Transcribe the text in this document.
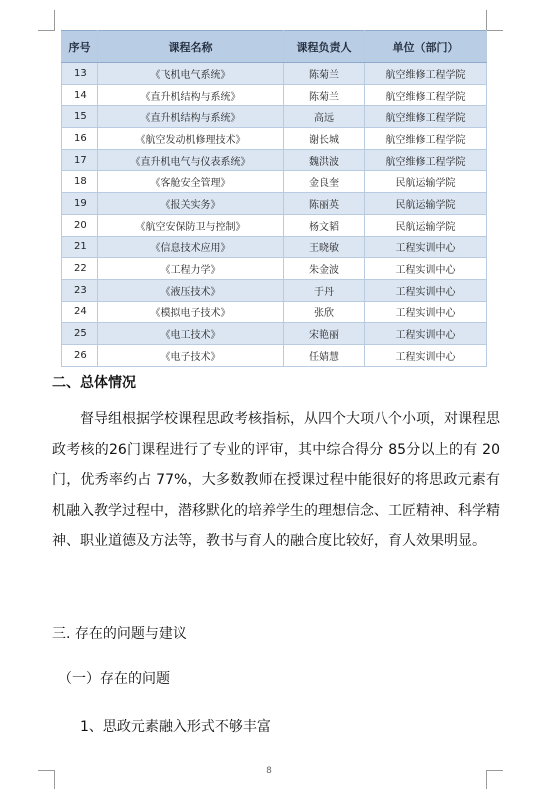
序号	课程名称	课程负责人	单位（部门）
13	《飞机电气系统》	陈菊兰	航空维修工程学院
14	《直升机结构与系统》	陈菊兰	航空维修工程学院
15	《直升机结构与系统》	高远	航空维修工程学院
16	《航空发动机修理技术》	谢长城	航空维修工程学院
17	《直升机电气与仪表系统》	魏洪波	航空维修工程学院
18	《客舱安全管理》	金良奎	民航运输学院
19	《报关实务》	陈丽英	民航运输学院
20	《航空安保防卫与控制》	杨文韬	民航运输学院
21	《信息技术应用》	王晓敏	工程实训中心
22	《工程力学》	朱金波	工程实训中心
23	《液压技术》	于丹	工程实训中心
24	《模拟电子技术》	张欣	工程实训中心
25	《电工技术》	宋艳丽	工程实训中心
26	《电子技术》	任婧慧	工程实训中心
二、总体情况

督导组根据学校课程思政考核指标，从四个大项八个小项，对课程思政考核的26门课程进行了专业的评审，其中综合得分 85分以上的有 20门，优秀率约占 77%，大多数教师在授课过程中能很好的将思政元素有机融入教学过程中，潜移默化的培养学生的理想信念、工匠精神、科学精神、职业道德及方法等，教书与育人的融合度比较好，育人效果明显。

三. 存在的问题与建议
（一）存在的问题
1、思政元素融入形式不够丰富
8
